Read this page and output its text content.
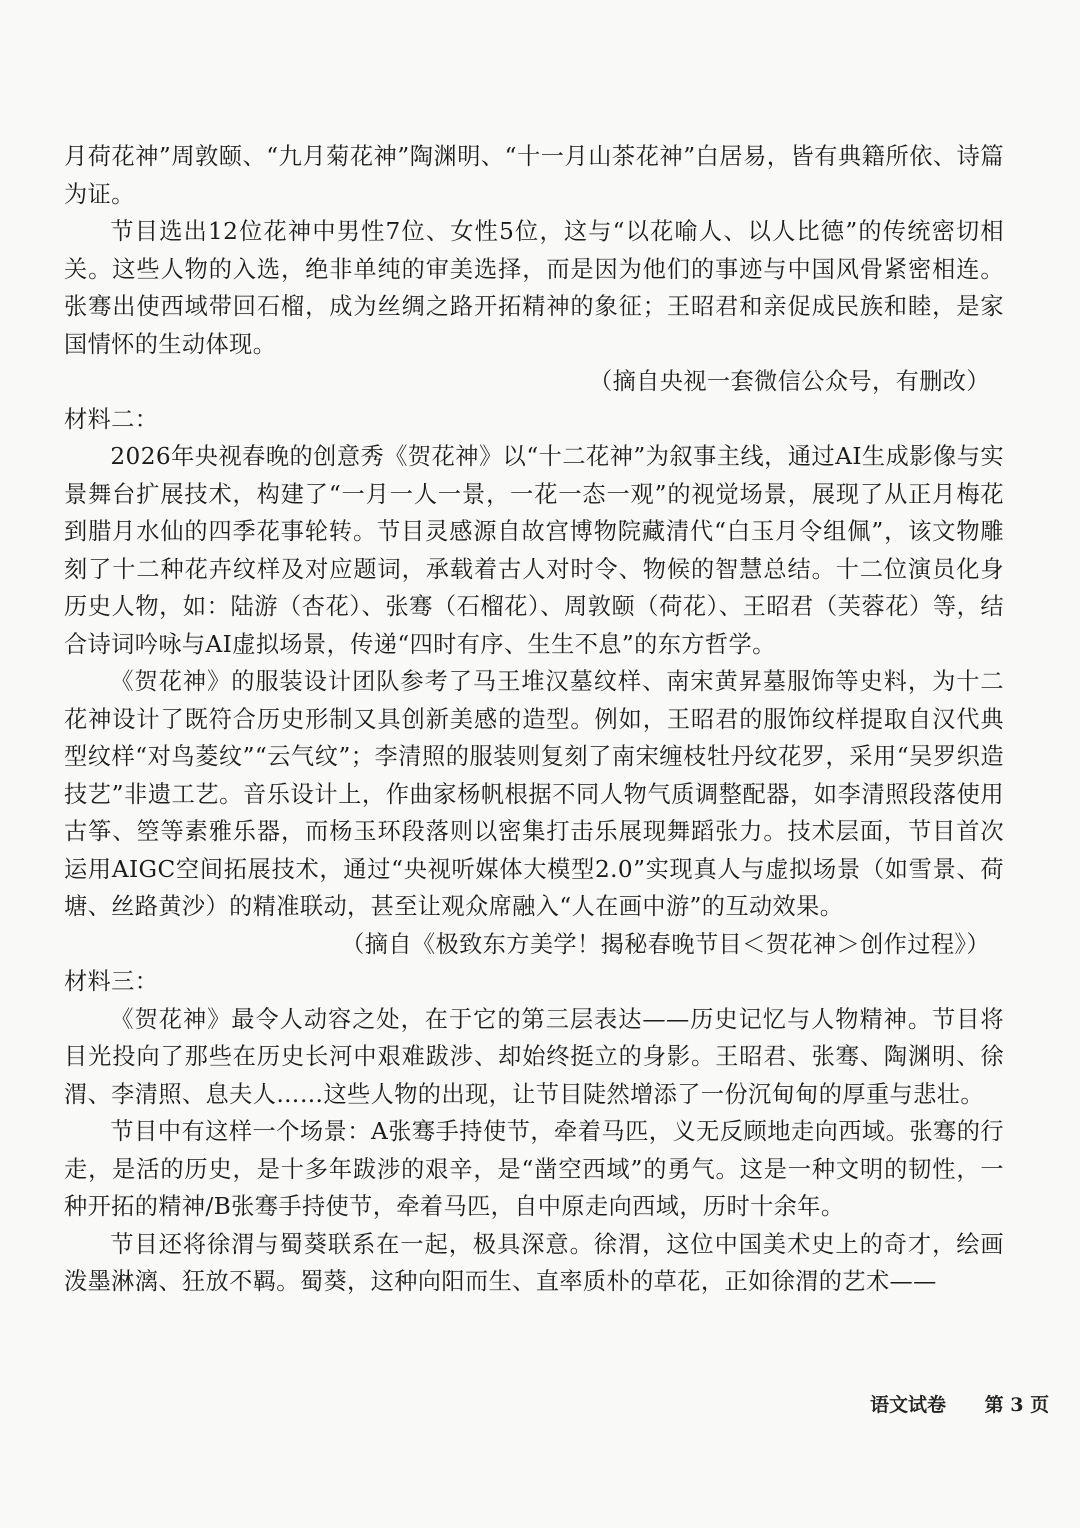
月荷花神”周敦颐、“九月菊花神”陶渊明、“十一月山茶花神”白居易，皆有典籍所依、诗篇为证。

节目选出12位花神中男性7位、女性5位，这与“以花喻人、以人比德”的传统密切相关。这些人物的入选，绝非单纯的审美选择，而是因为他们的事迹与中国风骨紧密相连。张骞出使西域带回石榴，成为丝绸之路开拓精神的象征；王昭君和亲促成民族和睦，是家国情怀的生动体现。

（摘自央视一套微信公众号，有删改）

材料二：

2026年央视春晚的创意秀《贺花神》以“十二花神”为叙事主线，通过AI生成影像与实景舞台扩展技术，构建了“一月一人一景，一花一态一观”的视觉场景，展现了从正月梅花到腊月水仙的四季花事轮转。节目灵感源自故宫博物院藏清代“白玉月令组佩”，该文物雕刻了十二种花卉纹样及对应题词，承载着古人对时令、物候的智慧总结。十二位演员化身历史人物，如：陆游（杏花）、张骞（石榴花）、周敦颐（荷花）、王昭君（芙蓉花）等，结合诗词吟咏与AI虚拟场景，传递“四时有序、生生不息”的东方哲学。

《贺花神》的服装设计团队参考了马王堆汉墓纹样、南宋黄昇墓服饰等史料，为十二花神设计了既符合历史形制又具创新美感的造型。例如，王昭君的服饰纹样提取自汉代典型纹样“对鸟菱纹”“云气纹”；李清照的服装则复刻了南宋缠枝牡丹纹花罗，采用“吴罗织造技艺”非遗工艺。音乐设计上，作曲家杨帆根据不同人物气质调整配器，如李清照段落使用古筝、箜等素雅乐器，而杨玉环段落则以密集打击乐展现舞蹈张力。技术层面，节目首次运用AIGC空间拓展技术，通过“央视听媒体大模型2.0”实现真人与虚拟场景（如雪景、荷塘、丝路黄沙）的精准联动，甚至让观众席融入“人在画中游”的互动效果。

（摘自《极致东方美学！揭秘春晚节目＜贺花神＞创作过程》）

材料三：

《贺花神》最令人动容之处，在于它的第三层表达——历史记忆与人物精神。节目将目光投向了那些在历史长河中艰难跋涉、却始终挺立的身影。王昭君、张骞、陶渊明、徐渭、李清照、息夫人……这些人物的出现，让节目陡然增添了一份沉甸甸的厚重与悲壮。

节目中有这样一个场景：A张骞手持使节，牵着马匹，义无反顾地走向西域。张骞的行走，是活的历史，是十多年跋涉的艰辛，是“凿空西域”的勇气。这是一种文明的韧性，一种开拓的精神/B张骞手持使节，牵着马匹，自中原走向西域，历时十余年。

节目还将徐渭与蜀葵联系在一起，极具深意。徐渭，这位中国美术史上的奇才，绘画泼墨淋漓、狂放不羁。蜀葵，这种向阳而生、直率质朴的草花，正如徐渭的艺术——

语文试卷 第 3 页
